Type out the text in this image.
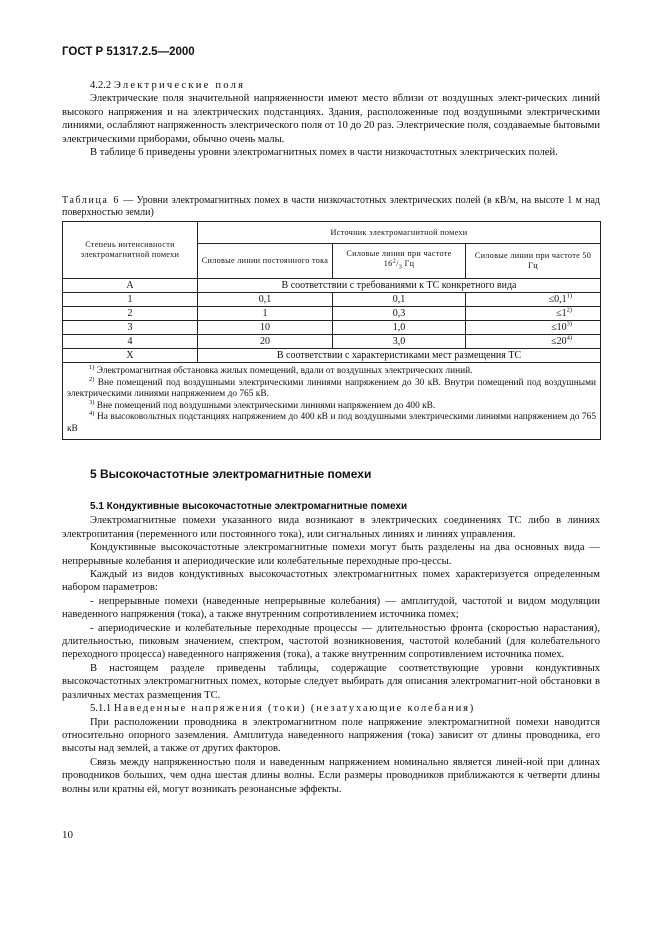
ГОСТ Р 51317.2.5—2000

4.2.2 Электрические поля

Электрические поля значительной напряженности имеют место вблизи от воздушных элект-рических линий высокого напряжения и на электрических подстанциях. Здания, расположенные под воздушными электрическими линиями, ослабляют напряженность электрического поля от 10 до 20 раз. Электрические поля, создаваемые бытовыми электрическими приборами, обычно очень малы.

В таблице 6 приведены уровни электромагнитных помех в части низкочастотных электрических полей.

Таблица 6 — Уровни электромагнитных помех в части низкочастотных электрических полей (в кВ/м, на высоте 1 м над поверхностью земли)

Степень интенсивности электромагнитной помехи	Источник электромагнитной помехи		
	Силовые линии постоянного тока	Силовые линии при частоте $16^2/_3$ Гц	Силовые линии при частоте 50 Гц
А	В соответствии с требованиями к ТС конкретного вида		
1	0,1	0,1	$\le 0,1^{1)}$
2	1	0,3	$\le 1^{2)}$
3	10	1,0	$\le 10^{3)}$
4	20	3,0	$\le 20^{4)}$
X	В соответствии с характеристиками мест размещения ТС		

$^{1)}$ Электромагнитная обстановка жилых помещений, вдали от воздушных электрических линий.
$^{2)}$ Вне помещений под воздушными электрическими линиями напряжением до 30 кВ. Внутри помещений под воздушными электрическими линиями напряжением до 765 кВ.
$^{3)}$ Вне помещений под воздушными электрическими линиями напряжением до 400 кВ.
$^{4)}$ На высоковольтных подстанциях напряжением до 400 кВ и под воздушными электрическими линиями напряжением до 765 кВ			

5 Высокочастотные электромагнитные помехи

5.1 Кондуктивные высокочастотные электромагнитные помехи

Электромагнитные помехи указанного вида возникают в электрических соединениях ТС либо в линиях электропитания (переменного или постоянного тока), или сигнальных линиях и линиях управления.

Кондуктивные высокочастотные электромагнитные помехи могут быть разделены на два основных вида — непрерывные колебания и апериодические или колебательные переходные про-цессы.

Каждый из видов кондуктивных высокочастотных электромагнитных помех характеризуется определенным набором параметров:

- непрерывные помехи (наведенные непрерывные колебания) — амплитудой, частотой и видом модуляции наведенного напряжения (тока), а также внутренним сопротивлением источника помех;

- апериодические и колебательные переходные процессы — длительностью фронта (скоростью нарастания), длительностью, пиковым значением, спектром, частотой возникновения, частотой колебаний (для колебательного переходного процесса) наведенного напряжения (тока), а также внутренним сопротивлением источника помех.

В настоящем разделе приведены таблицы, содержащие соответствующие уровни кондуктивных высокочастотных электромагнитных помех, которые следует выбирать для описания электромагнит-ной обстановки в различных местах размещения ТС.

5.1.1 Наведенные напряжения (токи) (незатухающие колебания)

При расположении проводника в электромагнитном поле напряжение электромагнитной помехи наводится относительно опорного заземления. Амплитуда наведенного напряжения (тока) зависит от длины проводника, его высоты над землей, а также от других факторов.

Связь между напряженностью поля и наведенным напряжением номинально является линей-ной при длинах проводников больших, чем одна шестая длины волны. Если размеры проводников приближаются к четверти длины волны или кратны ей, могут возникать резонансные эффекты.

10
